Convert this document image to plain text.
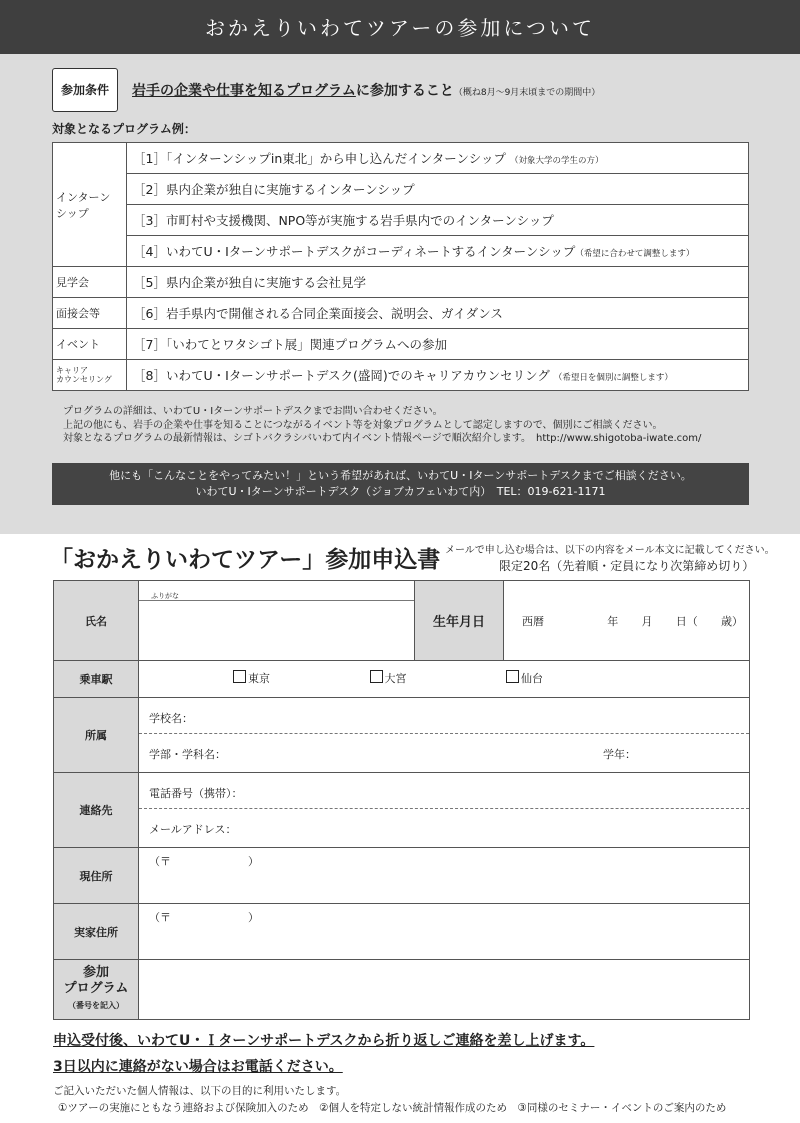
おかえりいわてツアーの参加について
参加条件	岩手の企業や仕事を知るプログラムに参加すること（概ね8月～9月末頃までの期間中）
対象となるプログラム例：
インターン
シップ	［1］「インターンシップin東北」から申し込んだインターンシップ （対象大学の学生の方）
	［2］県内企業が独自に実施するインターンシップ
	［3］市町村や支援機関、NPO等が実施する岩手県内でのインターンシップ
	［4］いわてU・Iターンサポートデスクがコーディネートするインターンシップ（希望に合わせて調整します）
見学会	［5］県内企業が独自に実施する会社見学
面接会等	［6］岩手県内で開催される合同企業面接会、説明会、ガイダンス
イベント	［7］「いわてとワタシゴト展」関連プログラムへの参加
キャリア
カウンセリング	［8］いわてU・Iターンサポートデスク(盛岡)でのキャリアカウンセリング （希望日を個別に調整します）

プログラムの詳細は、いわてU・Iターンサポートデスクまでお問い合わせください。

上記の他にも、岩手の企業や仕事を知ることにつながるイベント等を対象プログラムとして認定しますので、個別にご相談ください。

対象となるプログラムの最新情報は、シゴトバクラシバいわて内イベント情報ページで順次紹介します。　http://www.shigotoba-iwate.com/

他にも「こんなことをやってみたい！」という希望があれば、いわてU・Iターンサポートデスクまでご相談ください。
いわてU・Iターンサポートデスク（ジョブカフェいわて内）　TEL：019-621-1171
「おかえりいわてツアー」参加申込書 メールで申し込む場合は、以下の内容をメール本文に記載してください。
限定20名（先着順・定員になり次第締め切り）
氏名	ふりがな	生年月日	西暦 年 月 日（ 歳）

乗車駅	東京 大宮 仙台		
所属	学校名：
学部・学科名： 学年：		

連絡先	電話番号（携帯）：
メールアドレス：		

現住所	（〒　　　　　　　）		

実家住所	（〒　　　　　　　）		

参加
プログラム
（番号を記入）			
申込受付後、いわてU・Ｉターンサポートデスクから折り返しご連絡を差し上げます。
3日以内に連絡がない場合はお電話ください。
ご記入いただいた個人情報は、以下の目的に利用いたします。
①ツアーの実施にともなう連絡および保険加入のため　②個人を特定しない統計情報作成のため　③同様のセミナー・イベントのご案内のため
